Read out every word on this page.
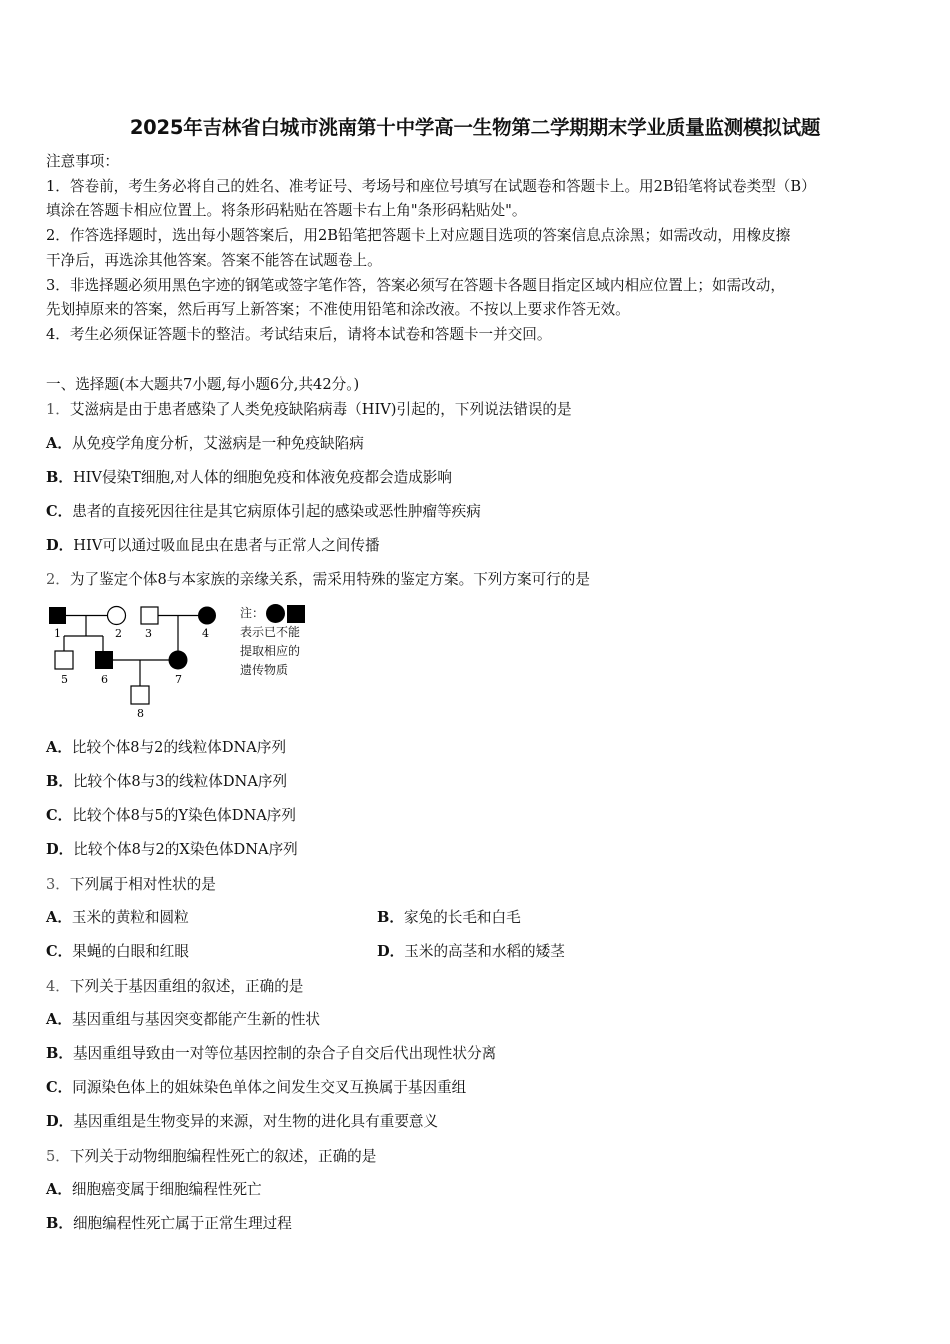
2025年吉林省白城市洮南第十中学高一生物第二学期期末学业质量监测模拟试题
注意事项：
1．答卷前，考生务必将自己的姓名、准考证号、考场号和座位号填写在试题卷和答题卡上。用2B铅笔将试卷类型（B）
填涂在答题卡相应位置上。将条形码粘贴在答题卡右上角"条形码粘贴处"。
2．作答选择题时，选出每小题答案后，用2B铅笔把答题卡上对应题目选项的答案信息点涂黑；如需改动，用橡皮擦
干净后，再选涂其他答案。答案不能答在试题卷上。
3．非选择题必须用黑色字迹的钢笔或签字笔作答，答案必须写在答题卡各题目指定区域内相应位置上；如需改动，
先划掉原来的答案，然后再写上新答案；不准使用铅笔和涂改液。不按以上要求作答无效。
4．考生必须保证答题卡的整洁。考试结束后，请将本试卷和答题卡一并交回。
一、选择题(本大题共7小题,每小题6分,共42分。)
1．艾滋病是由于患者感染了人类免疫缺陷病毒（HIV)引起的，下列说法错误的是
A．从免疫学角度分析，艾滋病是一种免疫缺陷病
B．HIV侵染T细胞,对人体的细胞免疫和体液免疫都会造成影响
C．患者的直接死因往往是其它病原体引起的感染或恶性肿瘤等疾病
D．HIV可以通过吸血昆虫在患者与正常人之间传播
2．为了鉴定个体8与本家族的亲缘关系，需采用特殊的鉴定方案。下列方案可行的是
1	2 3	4
5	6	7
8
注：
表示已不能提取相应的遗传物质
A．比较个体8与2的线粒体DNA序列
B．比较个体8与3的线粒体DNA序列
C．比较个体8与5的Y染色体DNA序列
D．比较个体8与2的X染色体DNA序列
3．下列属于相对性状的是
A．玉米的黄粒和圆粒	B．家兔的长毛和白毛
C．果蝇的白眼和红眼	D．玉米的高茎和水稻的矮茎
4．下列关于基因重组的叙述，正确的是
A．基因重组与基因突变都能产生新的性状
B．基因重组导致由一对等位基因控制的杂合子自交后代出现性状分离
C．同源染色体上的姐妹染色单体之间发生交叉互换属于基因重组
D．基因重组是生物变异的来源，对生物的进化具有重要意义
5．下列关于动物细胞编程性死亡的叙述，正确的是
A．细胞癌变属于细胞编程性死亡
B．细胞编程性死亡属于正常生理过程
